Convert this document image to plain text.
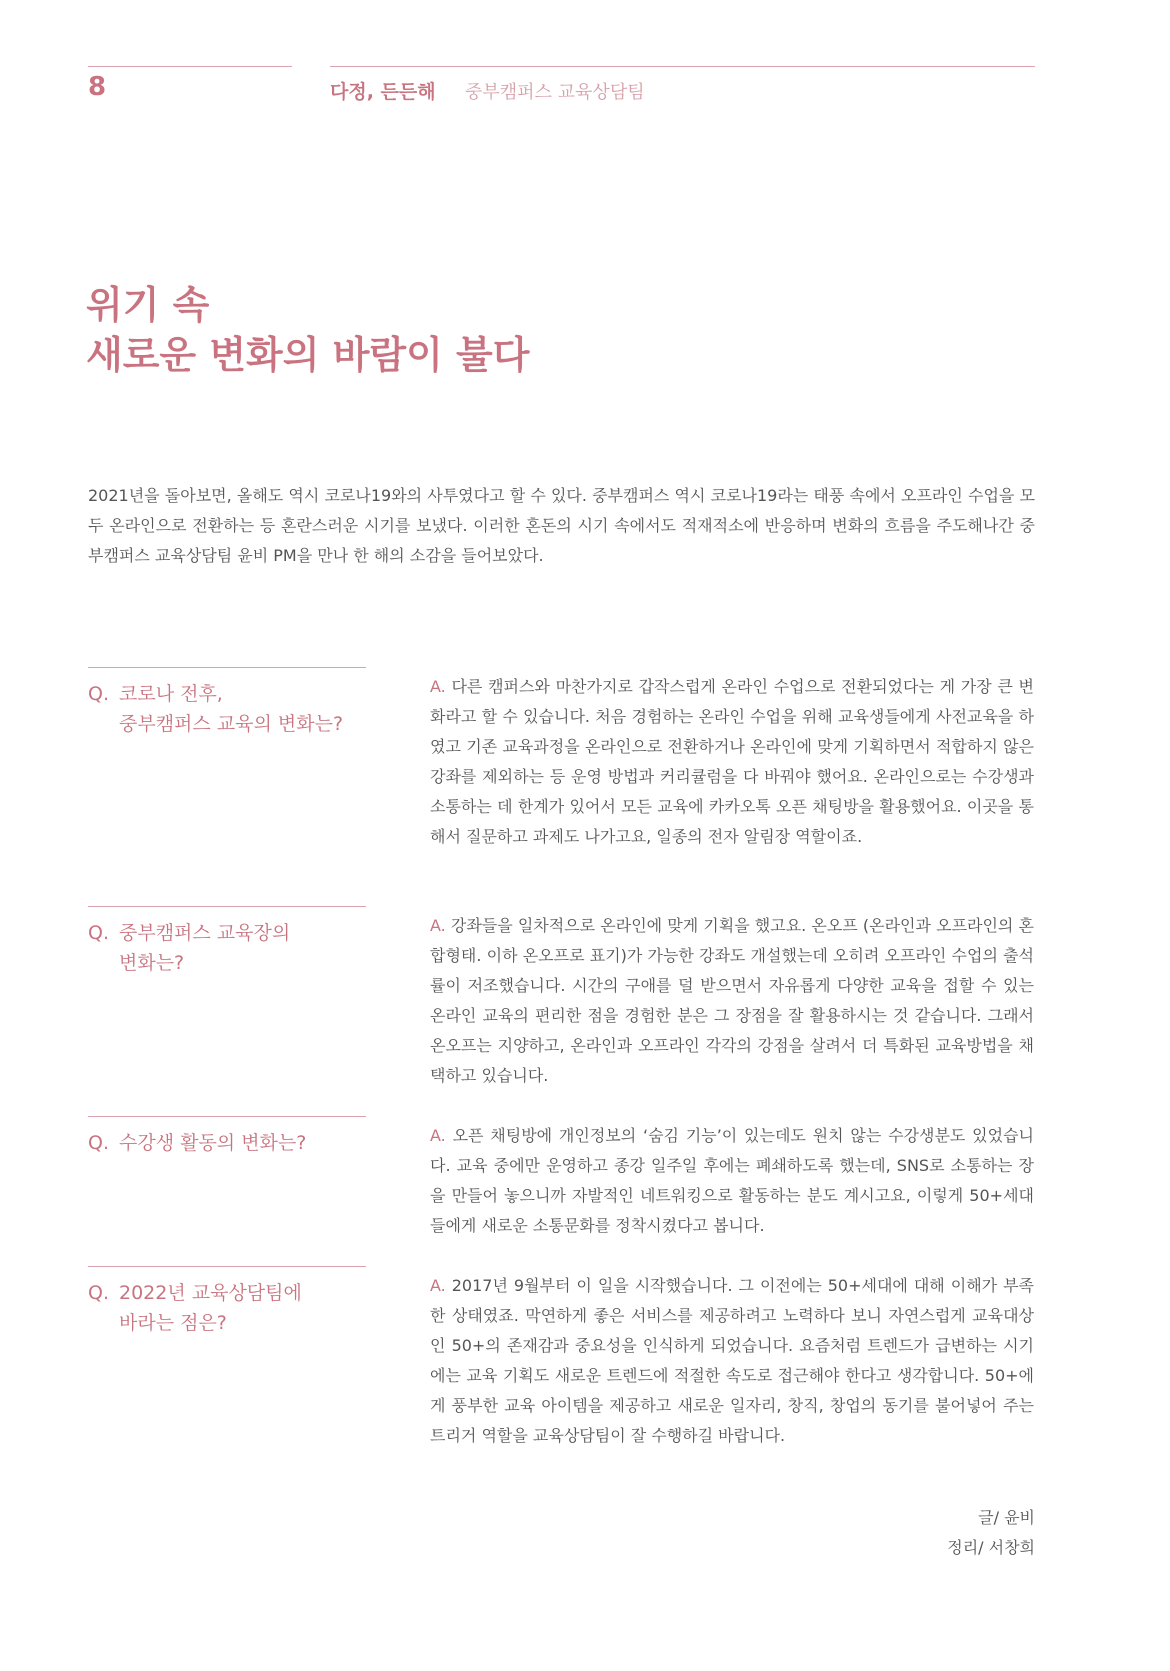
8	다정, 든든해 중부캠퍼스 교육상담팀
위기 속
새로운 변화의 바람이 불다

2021년을 돌아보면, 올해도 역시 코로나19와의 사투였다고 할 수 있다. 중부캠퍼스 역시 코로나19라는 태풍 속에서 오프라인 수업을 모두 온라인으로 전환하는 등 혼란스러운 시기를 보냈다. 이러한 혼돈의 시기 속에서도 적재적소에 반응하며 변화의 흐름을 주도해나간 중부캠퍼스 교육상담팀 윤비 PM을 만나 한 해의 소감을 들어보았다.

Q. 코로나 전후,
중부캠퍼스 교육의 변화는?

A. 다른 캠퍼스와 마찬가지로 갑작스럽게 온라인 수업으로 전환되었다는 게 가장 큰 변화라고 할 수 있습니다. 처음 경험하는 온라인 수업을 위해 교육생들에게 사전교육을 하였고 기존 교육과정을 온라인으로 전환하거나 온라인에 맞게 기획하면서 적합하지 않은 강좌를 제외하는 등 운영 방법과 커리큘럼을 다 바꿔야 했어요. 온라인으로는 수강생과 소통하는 데 한계가 있어서 모든 교육에 카카오톡 오픈 채팅방을 활용했어요. 이곳을 통해서 질문하고 과제도 나가고요, 일종의 전자 알림장 역할이죠.

Q. 중부캠퍼스 교육장의
변화는?

A. 강좌들을 일차적으로 온라인에 맞게 기획을 했고요. 온오프 (온라인과 오프라인의 혼합형태. 이하 온오프로 표기)가 가능한 강좌도 개설했는데 오히려 오프라인 수업의 출석률이 저조했습니다. 시간의 구애를 덜 받으면서 자유롭게 다양한 교육을 접할 수 있는 온라인 교육의 편리한 점을 경험한 분은 그 장점을 잘 활용하시는 것 같습니다. 그래서 온오프는 지양하고, 온라인과 오프라인 각각의 강점을 살려서 더 특화된 교육방법을 채택하고 있습니다.

Q. 수강생 활동의 변화는?	A. 오픈 채팅방에 개인정보의 ‘숨김 기능’이 있는데도 원치 않는 수강생분도 있었습니다. 교육 중에만 운영하고 종강 일주일 후에는 폐쇄하도록 했는데, SNS로 소통하는 장을 만들어 놓으니까 자발적인 네트워킹으로 활동하는 분도 계시고요, 이렇게 50+세대들에게 새로운 소통문화를 정착시켰다고 봅니다.

Q. 2022년 교육상담팀에
바라는 점은?

A. 2017년 9월부터 이 일을 시작했습니다. 그 이전에는 50+세대에 대해 이해가 부족한 상태였죠. 막연하게 좋은 서비스를 제공하려고 노력하다 보니 자연스럽게 교육대상인 50+의 존재감과 중요성을 인식하게 되었습니다. 요즘처럼 트렌드가 급변하는 시기에는 교육 기획도 새로운 트렌드에 적절한 속도로 접근해야 한다고 생각합니다. 50+에게 풍부한 교육 아이템을 제공하고 새로운 일자리, 창직, 창업의 동기를 불어넣어 주는 트리거 역할을 교육상담팀이 잘 수행하길 바랍니다.

글/ 윤비
정리/ 서창희
